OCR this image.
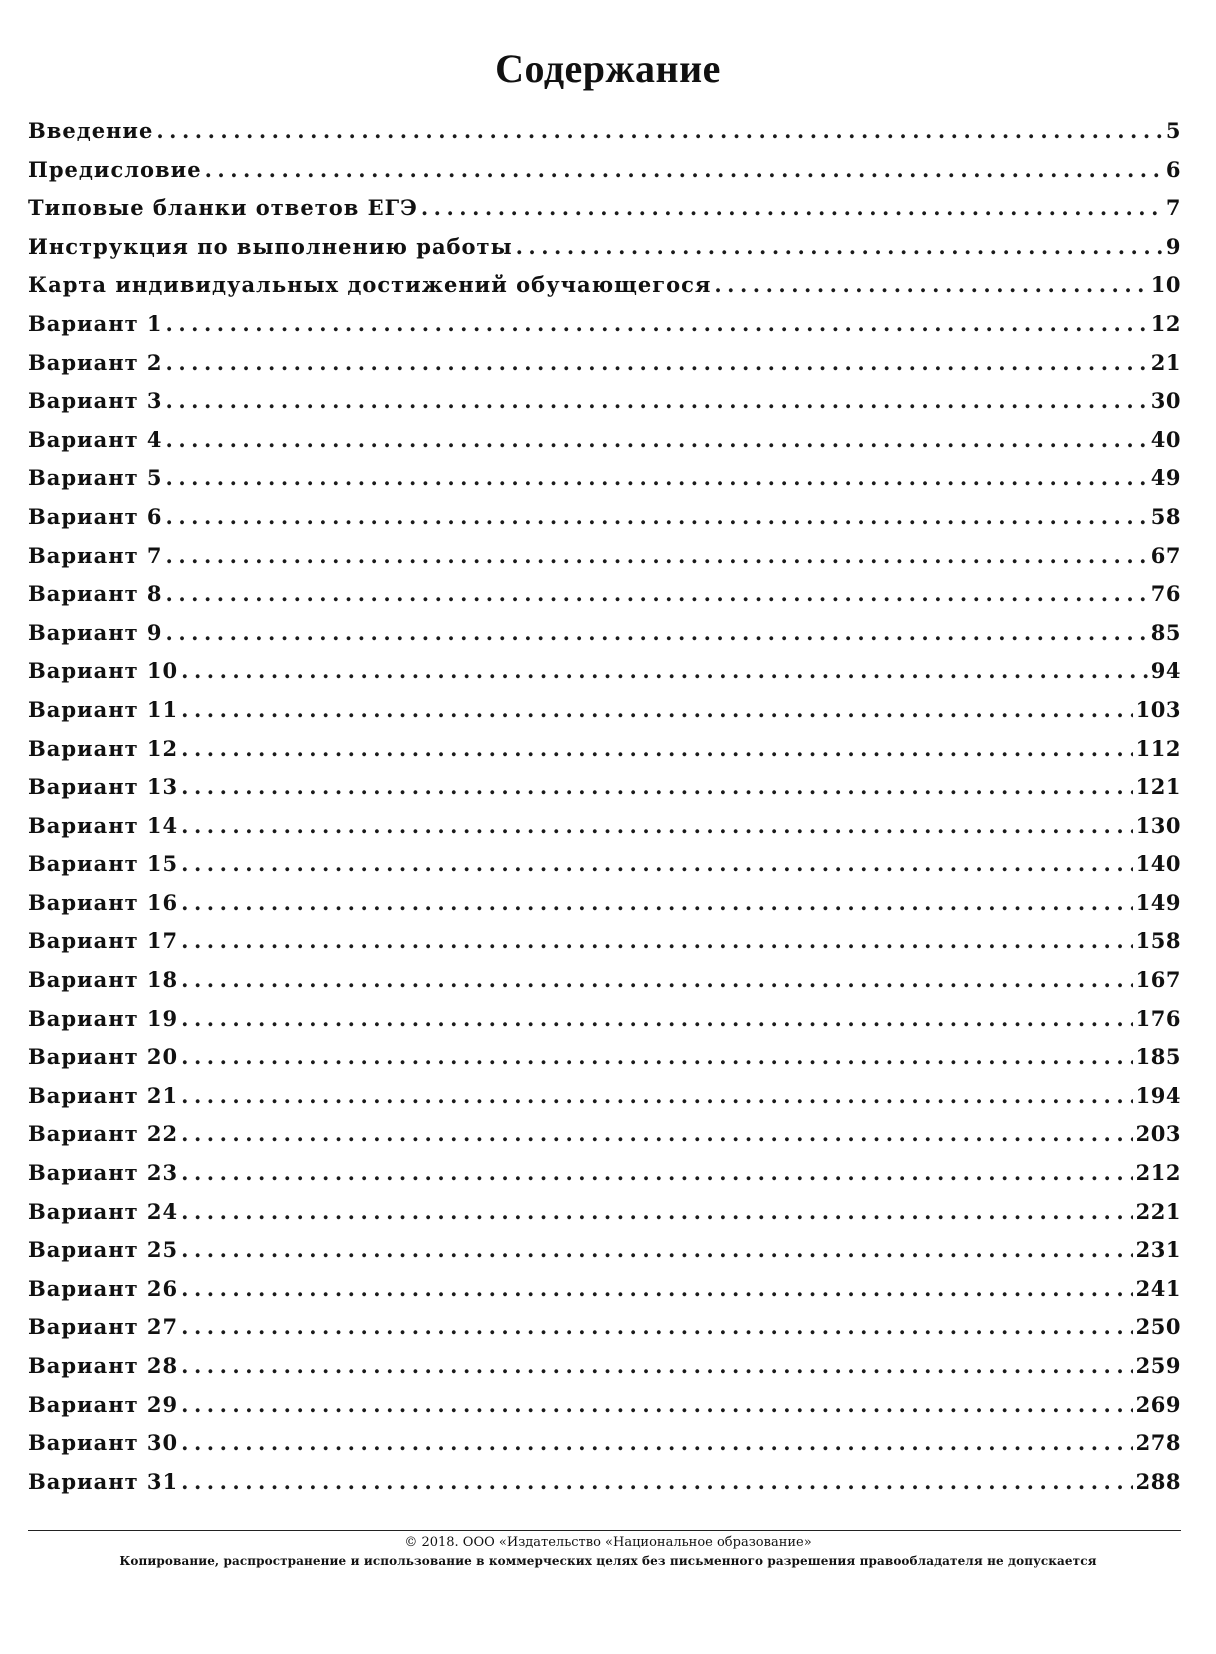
Содержание
Введение .....	5
Предисловие .....	6
Типовые бланки ответов ЕГЭ .....	7
Инструкция по выполнению работы .....	9
Карта индивидуальных достижений обучающегося .....	10
Вариант 1 .....	12
Вариант 2 .....	21
Вариант 3 .....	30
Вариант 4 .....	40
Вариант 5 .....	49
Вариант 6 .....	58
Вариант 7 .....	67
Вариант 8 .....	76
Вариант 9 .....	85
Вариант 10 .....	94
Вариант 11 .....	103
Вариант 12 .....	112
Вариант 13 .....	121
Вариант 14 .....	130
Вариант 15 .....	140
Вариант 16 .....	149
Вариант 17 .....	158
Вариант 18 .....	167
Вариант 19 .....	176
Вариант 20 .....	185
Вариант 21 .....	194
Вариант 22 .....	203
Вариант 23 .....	212
Вариант 24 .....	221
Вариант 25 .....	231
Вариант 26 .....	241
Вариант 27 .....	250
Вариант 28 .....	259
Вариант 29 .....	269
Вариант 30 .....	278
Вариант 31 .....	288
© 2018. ООО «Издательство «Национальное образование»
Копирование, распространение и использование в коммерческих целях без письменного разрешения правообладателя не допускается
